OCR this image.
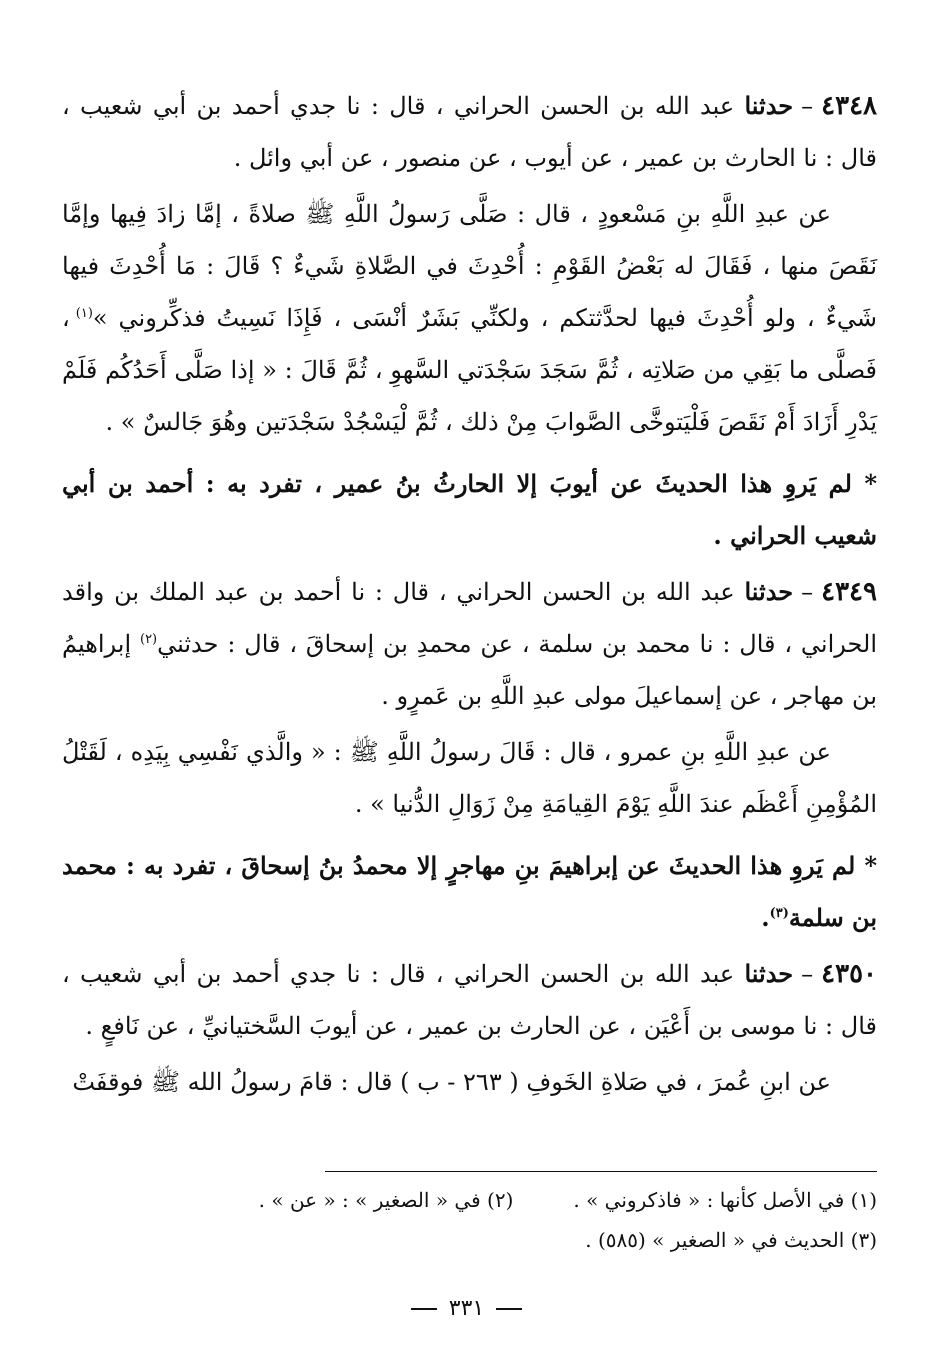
٤٣٤٨–حدثنا عبد الله بن الحسن الحراني ، قال : نا جدي أحمد بن أبي شعيب ، قال : نا الحارث بن عمير ، عن أيوب ، عن منصور ، عن أبي وائل .

عن عبدِ اللَّهِ بنِ مَسْعودٍ ، قال : صَلَّى رَسولُ اللَّهِ ﷺ صلاةً ، إمَّا زادَ فِيها وإمَّا نَقَصَ منها ، فَقَالَ له بَعْضُ القَوْمِ : أُحْدِثَ في الصَّلاةِ شَيءٌ ؟ قَالَ : مَا أُحْدِثَ فيها شَيءٌ ، ولو أُحْدِثَ فيها لحدَّثتكم ، ولكنِّي بَشَرٌ أنْسَى ، فَإِذَا نَسِيتُ فذكِّروني »$^{(١)}$، فَصلَّى ما بَقِي من صَلاتِه ، ثُمَّ سَجَدَ سَجْدَتي السَّهوِ ، ثُمَّ قَالَ : « إذا صَلَّى أَحَدُكُم فَلَمْ يَدْرِ أَزَادَ أَمْ نَقَصَ فَلْيَتوخَّى الصَّوابَ مِنْ ذلك ، ثُمَّ لْيَسْجُدْ سَجْدَتين وهُوَ جَالسٌ » .

* لم يَروِ هذا الحديثَ عن أيوبَ إلا الحارثُ بنُ عمير ، تفرد به : أحمد بن أبي شعيب الحراني .

٤٣٤٩–حدثنا عبد الله بن الحسن الحراني ، قال : نا أحمد بن عبد الملك بن واقد الحراني ، قال : نا محمد بن سلمة ، عن محمدِ بن إسحاقَ ، قال : حدثني$^{(٢)}$ إبراهيمُ بن مهاجر ، عن إسماعيلَ مولى عبدِ اللَّهِ بن عَمرٍو .

عن عبدِ اللَّهِ بنِ عمرو ، قال : قَالَ رسولُ اللَّهِ ﷺ : « والَّذي نَفْسِي بِيَدِه ، لَقَتْلُ المُؤْمِنِ أَعْظَم عندَ اللَّهِ يَوْمَ القِيامَةِ مِنْ زَوَالِ الدُّنيا » .

* لم يَروِ هذا الحديثَ عن إبراهيمَ بنِ مهاجرٍ إلا محمدُ بنُ إسحاقَ ، تفرد به : محمد بن سلمة$^{(٣)}$.

٤٣٥٠–حدثنا عبد الله بن الحسن الحراني ، قال : نا جدي أحمد بن أبي شعيب ، قال : نا موسى بن أَعْيَن ، عن الحارث بن عمير ، عن أيوبَ السَّختيانيِّ ، عن نَافعٍ .

عن ابنِ عُمرَ ، في صَلاةِ الخَوفِ ( ٢٦٣ - ب ) قال : قامَ رسولُ الله ﷺ فوقفَتْ

(١) في الأصل كأنها : « فاذكروني » .
(٢) في « الصغير » : « عن » .
(٣) الحديث في « الصغير » (٥٨٥) .
٣٣١
